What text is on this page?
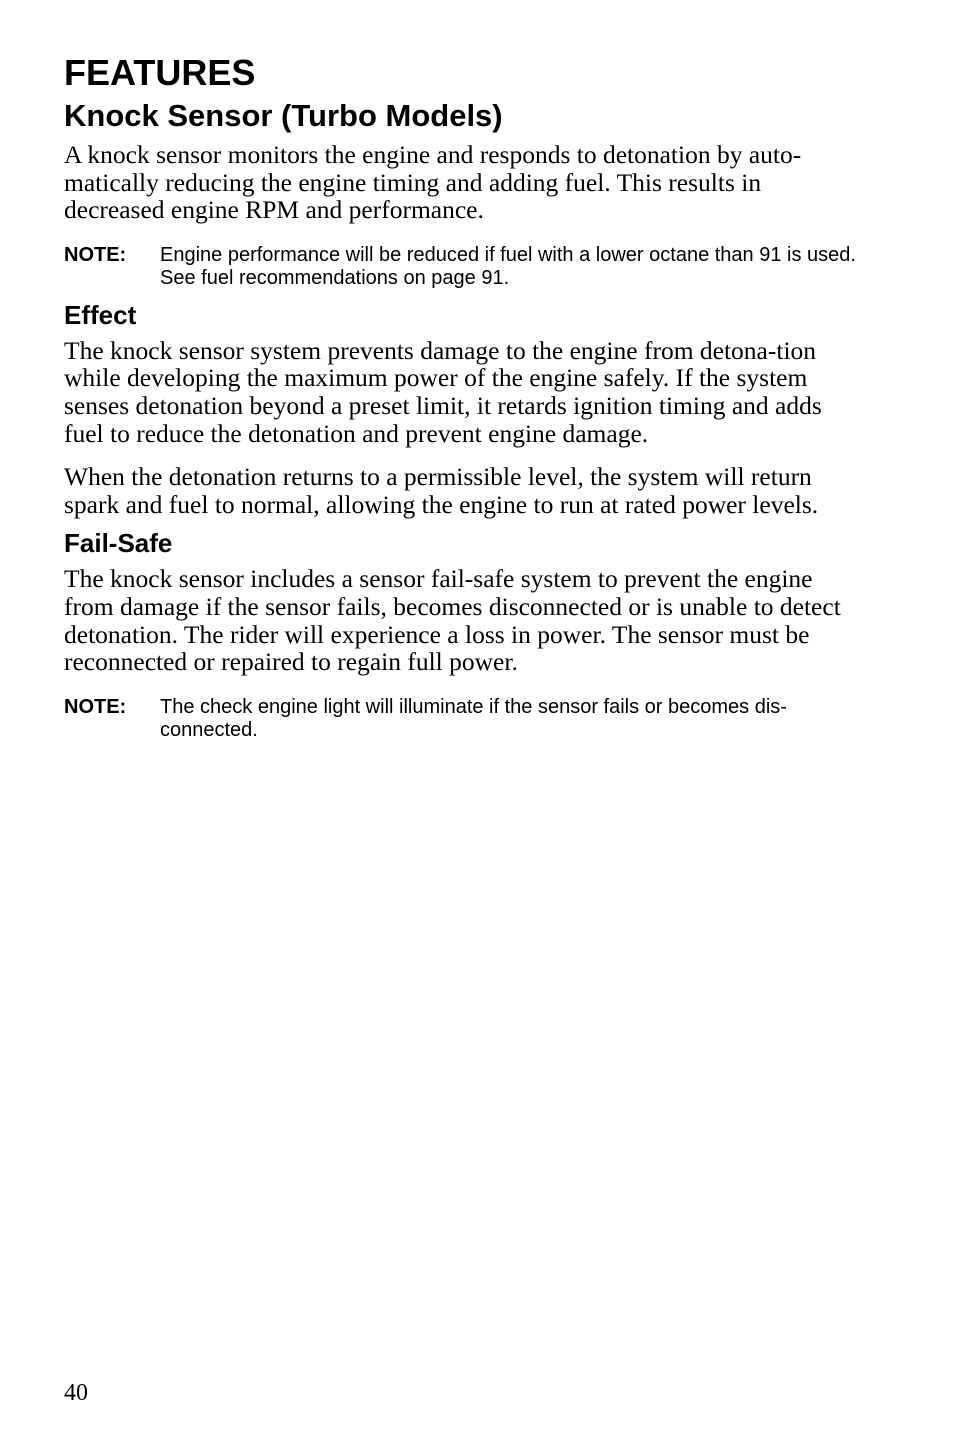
FEATURES
Knock Sensor (Turbo Models)

A knock sensor monitors the engine and responds to detonation by auto-matically reducing the engine timing and adding fuel. This results in decreased engine RPM and performance.

NOTE:	Engine performance will be reduced if fuel with a lower octane than 91 is used. See fuel recommendations on page 91.
Effect

The knock sensor system prevents damage to the engine from detona-tion while developing the maximum power of the engine safely. If the system senses detonation beyond a preset limit, it retards ignition timing and adds fuel to reduce the detonation and prevent engine damage.

When the detonation returns to a permissible level, the system will return spark and fuel to normal, allowing the engine to run at rated power levels.

Fail-Safe

The knock sensor includes a sensor fail-safe system to prevent the engine from damage if the sensor fails, becomes disconnected or is unable to detect detonation. The rider will experience a loss in power. The sensor must be reconnected or repaired to regain full power.

NOTE:	The check engine light will illuminate if the sensor fails or becomes dis-connected.
40
